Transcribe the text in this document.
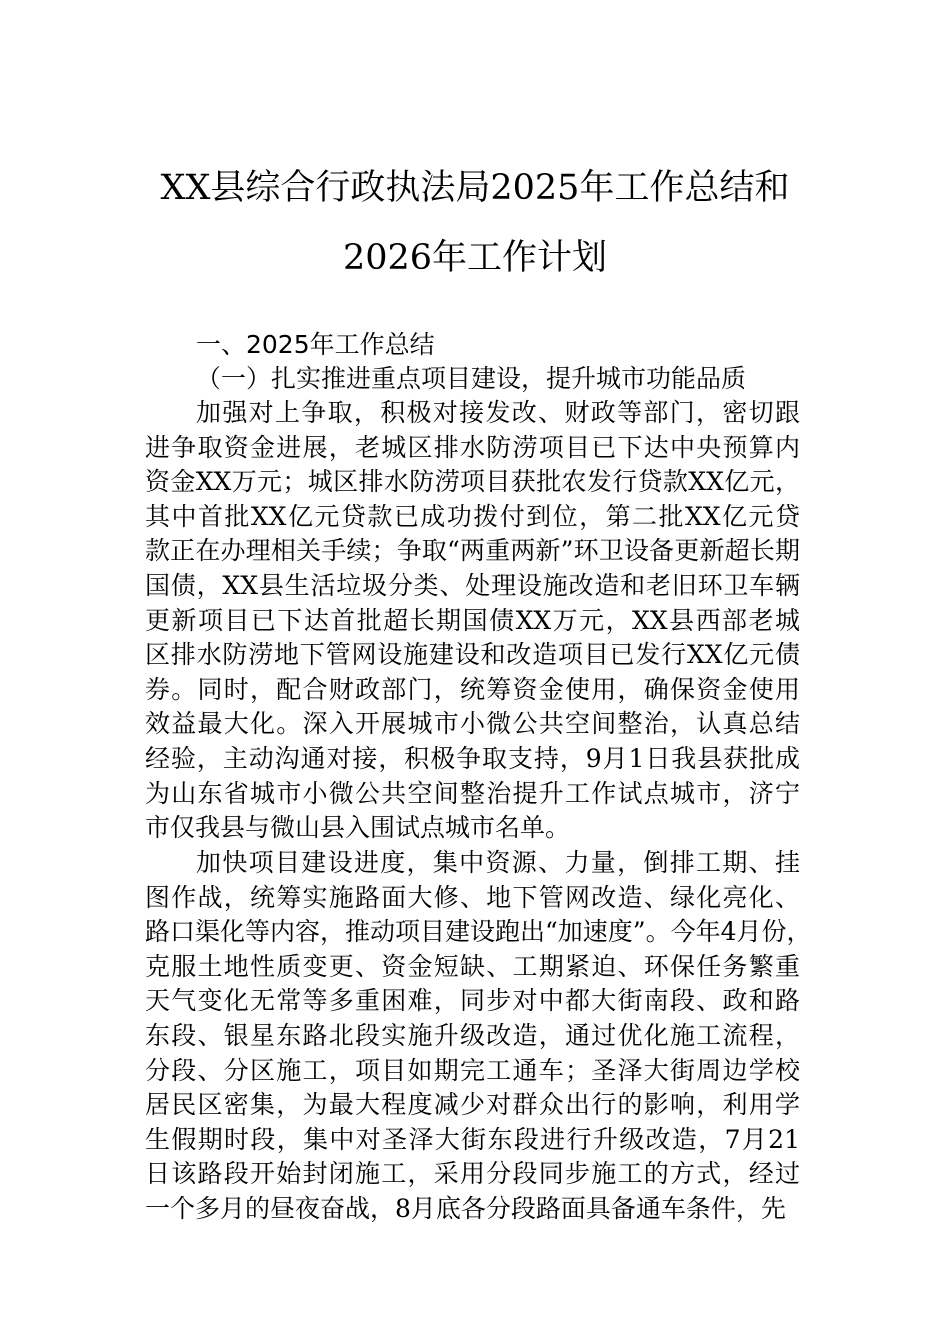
XX县综合行政执法局2025年工作总结和
2026年工作计划
一、2025年工作总结
（一）扎实推进重点项目建设，提升城市功能品质
加强对上争取，积极对接发改、财政等部门，密切跟
进争取资金进展，老城区排水防涝项目已下达中央预算内
资金XX万元；城区排水防涝项目获批农发行贷款XX亿元，
其中首批XX亿元贷款已成功拨付到位，第二批XX亿元贷
款正在办理相关手续；争取“两重两新”环卫设备更新超长期
国债，XX县生活垃圾分类、处理设施改造和老旧环卫车辆
更新项目已下达首批超长期国债XX万元，XX县西部老城
区排水防涝地下管网设施建设和改造项目已发行XX亿元债
券。同时，配合财政部门，统筹资金使用，确保资金使用
效益最大化。深入开展城市小微公共空间整治，认真总结
经验，主动沟通对接，积极争取支持，9月1日我县获批成
为山东省城市小微公共空间整治提升工作试点城市，济宁
市仅我县与微山县入围试点城市名单。
加快项目建设进度，集中资源、力量，倒排工期、挂
图作战，统筹实施路面大修、地下管网改造、绿化亮化、
路口渠化等内容，推动项目建设跑出“加速度”。今年4月份，
克服土地性质变更、资金短缺、工期紧迫、环保任务繁重
天气变化无常等多重困难，同步对中都大街南段、政和路
东段、银星东路北段实施升级改造，通过优化施工流程，
分段、分区施工，项目如期完工通车；圣泽大街周边学校
居民区密集，为最大程度减少对群众出行的影响，利用学
生假期时段，集中对圣泽大街东段进行升级改造，7月21
日该路段开始封闭施工，采用分段同步施工的方式，经过
一个多月的昼夜奋战，8月底各分段路面具备通车条件，先
